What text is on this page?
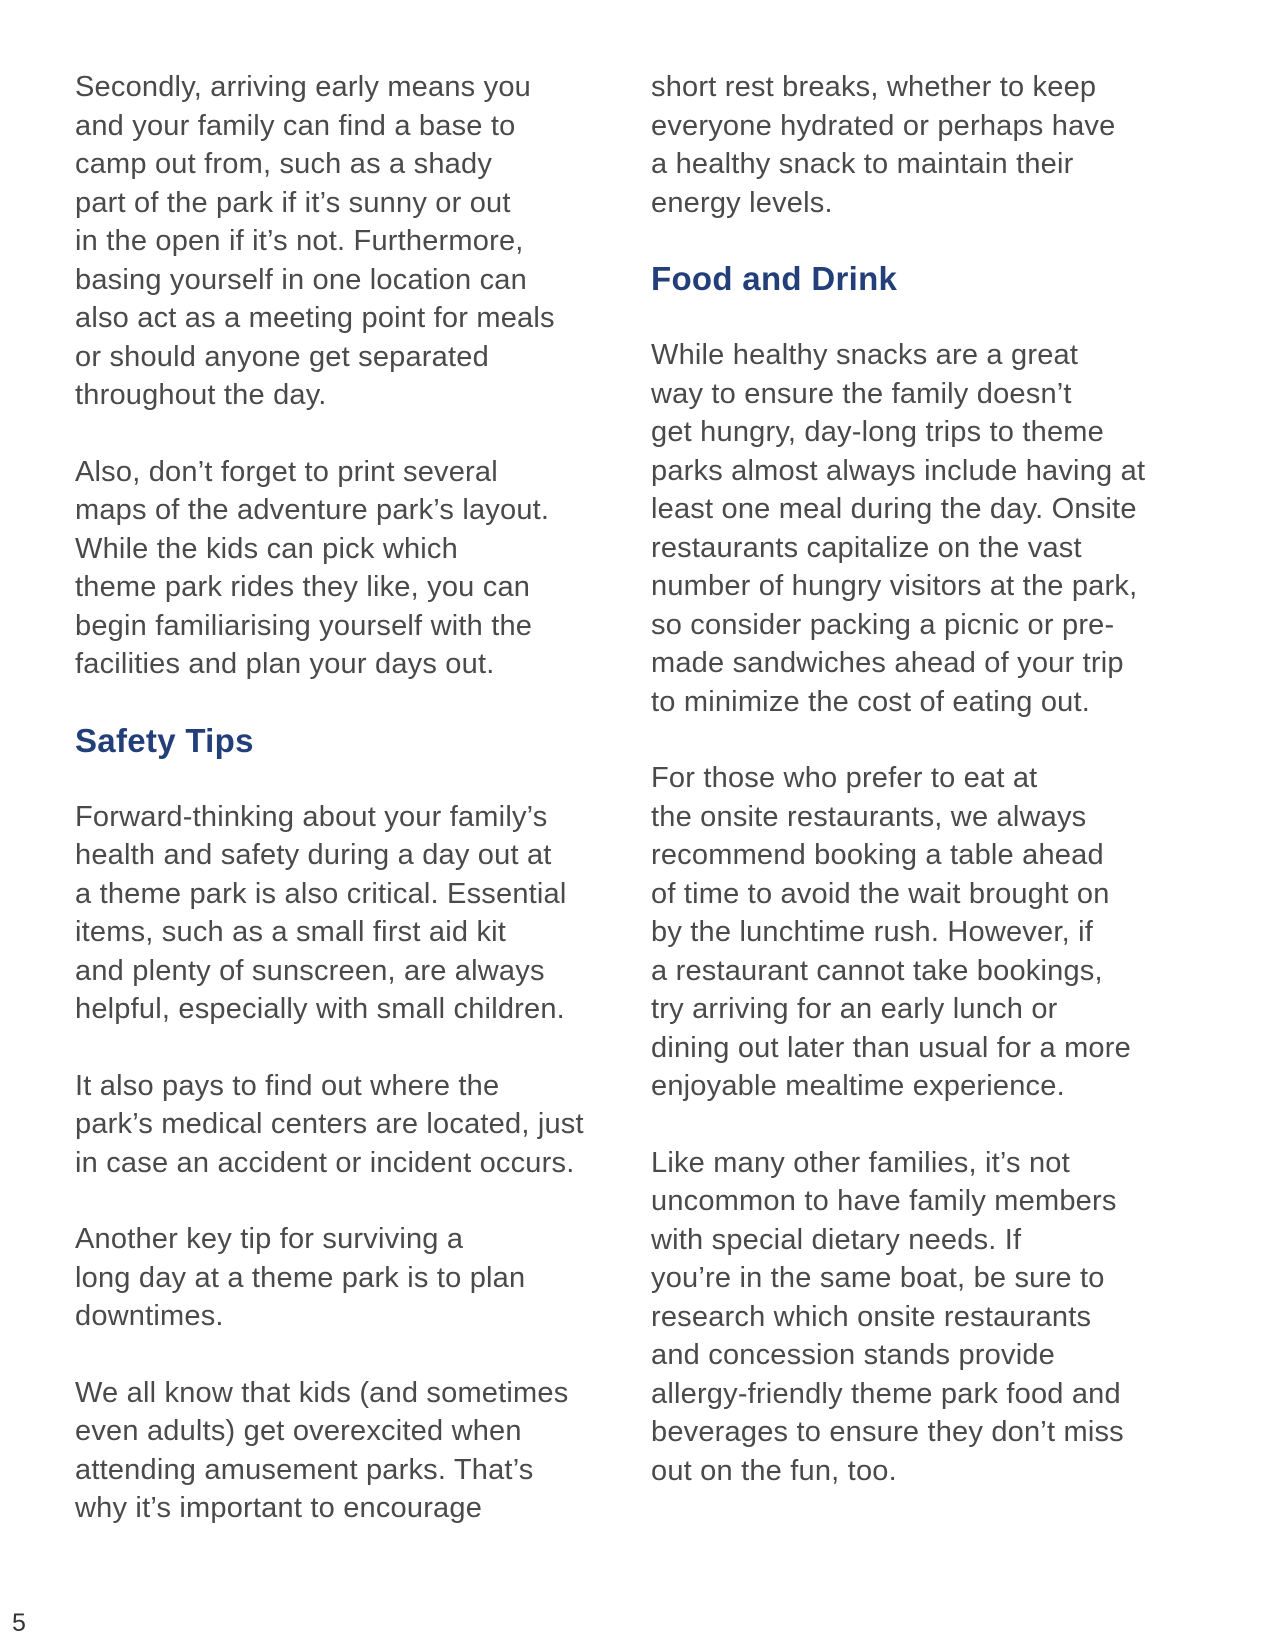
Secondly, arriving early means you
and your family can find a base to
camp out from, such as a shady
part of the park if it’s sunny or out
in the open if it’s not. Furthermore,
basing yourself in one location can
also act as a meeting point for meals
or should anyone get separated
throughout the day.
Also, don’t forget to print several
maps of the adventure park’s layout.
While the kids can pick which
theme park rides they like, you can
begin familiarising yourself with the
facilities and plan your days out.
Safety Tips
Forward-thinking about your family’s
health and safety during a day out at
a theme park is also critical. Essential
items, such as a small first aid kit
and plenty of sunscreen, are always
helpful, especially with small children.
It also pays to find out where the
park’s medical centers are located, just
in case an accident or incident occurs.
Another key tip for surviving a
long day at a theme park is to plan
downtimes.
We all know that kids (and sometimes
even adults) get overexcited when
attending amusement parks. That’s
why it’s important to encourage
short rest breaks, whether to keep
everyone hydrated or perhaps have
a healthy snack to maintain their
energy levels.
Food and Drink
While healthy snacks are a great
way to ensure the family doesn’t
get hungry, day-long trips to theme
parks almost always include having at
least one meal during the day. Onsite
restaurants capitalize on the vast
number of hungry visitors at the park,
so consider packing a picnic or pre-
made sandwiches ahead of your trip
to minimize the cost of eating out.
For those who prefer to eat at
the onsite restaurants, we always
recommend booking a table ahead
of time to avoid the wait brought on
by the lunchtime rush. However, if
a restaurant cannot take bookings,
try arriving for an early lunch or
dining out later than usual for a more
enjoyable mealtime experience.
Like many other families, it’s not
uncommon to have family members
with special dietary needs. If
you’re in the same boat, be sure to
research which onsite restaurants
and concession stands provide
allergy-friendly theme park food and
beverages to ensure they don’t miss
out on the fun, too.
5
